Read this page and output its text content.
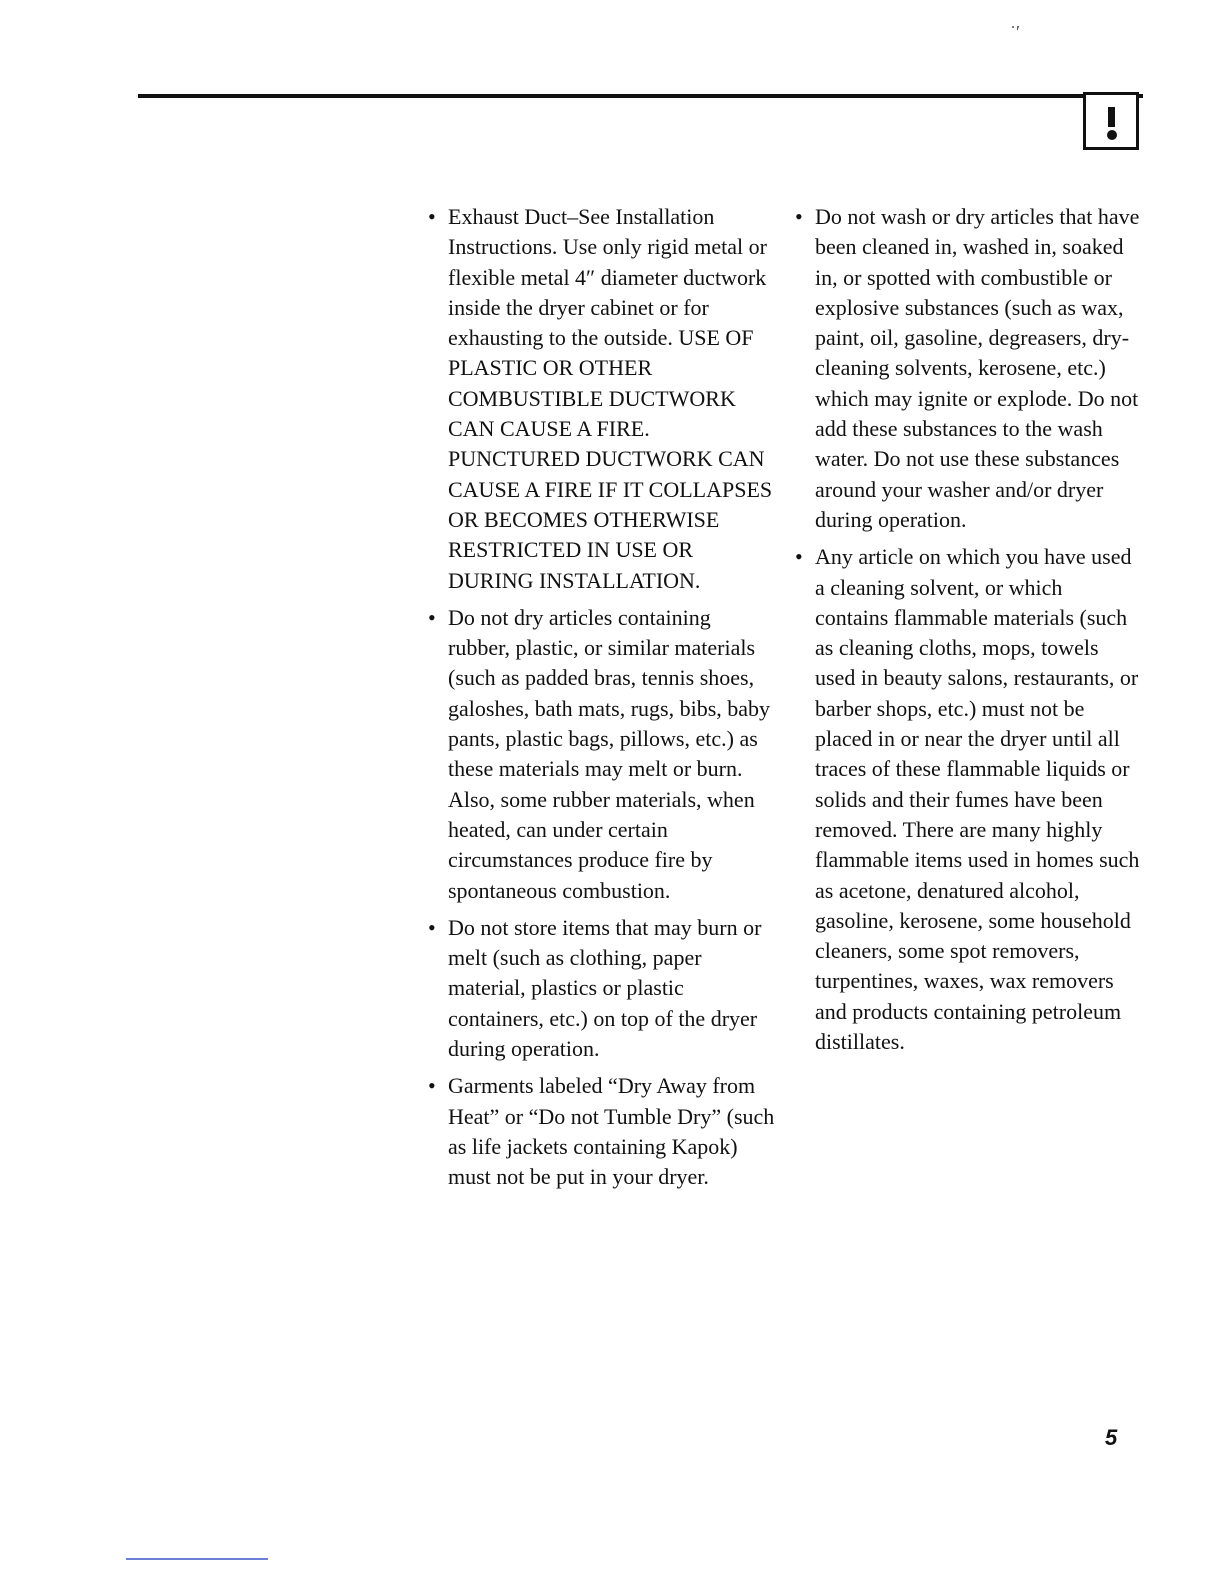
˙′
• Exhaust Duct–See Installation Instructions. Use only rigid metal or flexible metal 4″ diameter ductwork inside the dryer cabinet or for exhausting to the outside. USE OF PLASTIC OR OTHER COMBUSTIBLE DUCTWORK CAN CAUSE A FIRE. PUNCTURED DUCTWORK CAN CAUSE A FIRE IF IT COLLAPSES OR BECOMES OTHERWISE RESTRICTED IN USE OR DURING INSTALLATION.
• Do not dry articles containing rubber, plastic, or similar materials (such as padded bras, tennis shoes, galoshes, bath mats, rugs, bibs, baby pants, plastic bags, pillows, etc.) as these materials may melt or burn. Also, some rubber materials, when heated, can under certain circumstances produce fire by spontaneous combustion.
• Do not store items that may burn or melt (such as clothing, paper material, plastics or plastic containers, etc.) on top of the dryer during operation.
• Garments labeled “Dry Away from Heat” or “Do not Tumble Dry” (such as life jackets containing Kapok) must not be put in your dryer.
• Do not wash or dry articles that have been cleaned in, washed in, soaked in, or spotted with combustible or explosive substances (such as wax, paint, oil, gasoline, degreasers, dry-cleaning solvents, kerosene, etc.) which may ignite or explode. Do not add these substances to the wash water. Do not use these substances around your washer and/or dryer during operation.
• Any article on which you have used a cleaning solvent, or which contains flammable materials (such as cleaning cloths, mops, towels used in beauty salons, restaurants, or barber shops, etc.) must not be placed in or near the dryer until all traces of these flammable liquids or solids and their fumes have been removed. There are many highly flammable items used in homes such as acetone, denatured alcohol, gasoline, kerosene, some household cleaners, some spot removers, turpentines, waxes, wax removers and products containing petroleum distillates.
5
